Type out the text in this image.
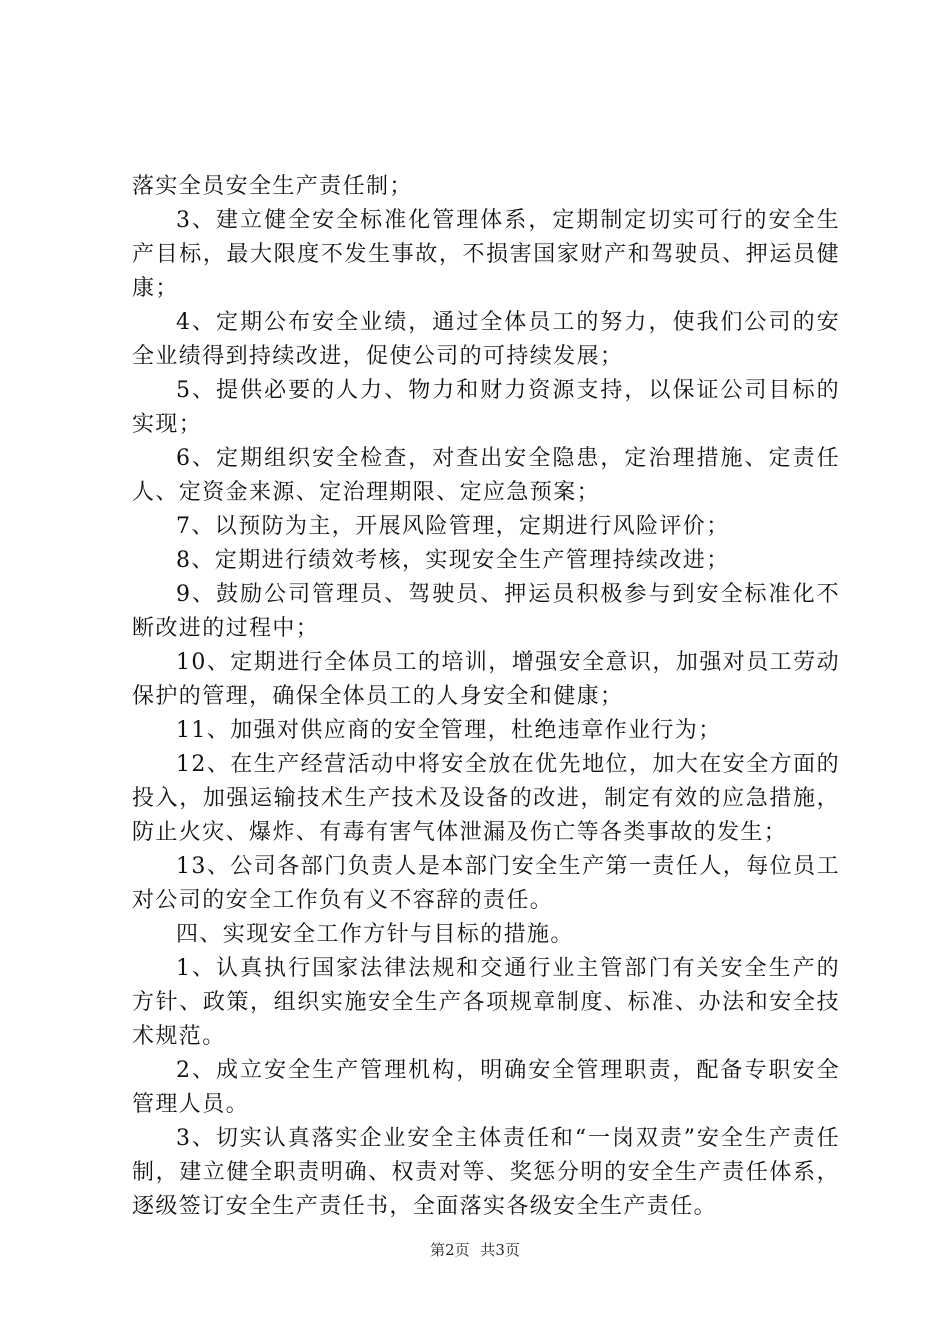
落实全员安全生产责任制；

3、建立健全安全标准化管理体系，定期制定切实可行的安全生产目标，最大限度不发生事故，不损害国家财产和驾驶员、押运员健康；

4、定期公布安全业绩，通过全体员工的努力，使我们公司的安全业绩得到持续改进，促使公司的可持续发展；

5、提供必要的人力、物力和财力资源支持，以保证公司目标的实现；

6、定期组织安全检查，对查出安全隐患，定治理措施、定责任人、定资金来源、定治理期限、定应急预案；

7、以预防为主，开展风险管理，定期进行风险评价；

8、定期进行绩效考核，实现安全生产管理持续改进；

9、鼓励公司管理员、驾驶员、押运员积极参与到安全标准化不断改进的过程中；

10、定期进行全体员工的培训，增强安全意识，加强对员工劳动保护的管理，确保全体员工的人身安全和健康；

11、加强对供应商的安全管理，杜绝违章作业行为；

12、在生产经营活动中将安全放在优先地位，加大在安全方面的投入，加强运输技术生产技术及设备的改进，制定有效的应急措施，防止火灾、爆炸、有毒有害气体泄漏及伤亡等各类事故的发生；

13、公司各部门负责人是本部门安全生产第一责任人，每位员工对公司的安全工作负有义不容辞的责任。

四、实现安全工作方针与目标的措施。

1、认真执行国家法律法规和交通行业主管部门有关安全生产的方针、政策，组织实施安全生产各项规章制度、标准、办法和安全技术规范。

2、成立安全生产管理机构，明确安全管理职责，配备专职安全管理人员。

3、切实认真落实企业安全主体责任和“一岗双责”安全生产责任制，建立健全职责明确、权责对等、奖惩分明的安全生产责任体系，逐级签订安全生产责任书，全面落实各级安全生产责任。

第2页 共3页
